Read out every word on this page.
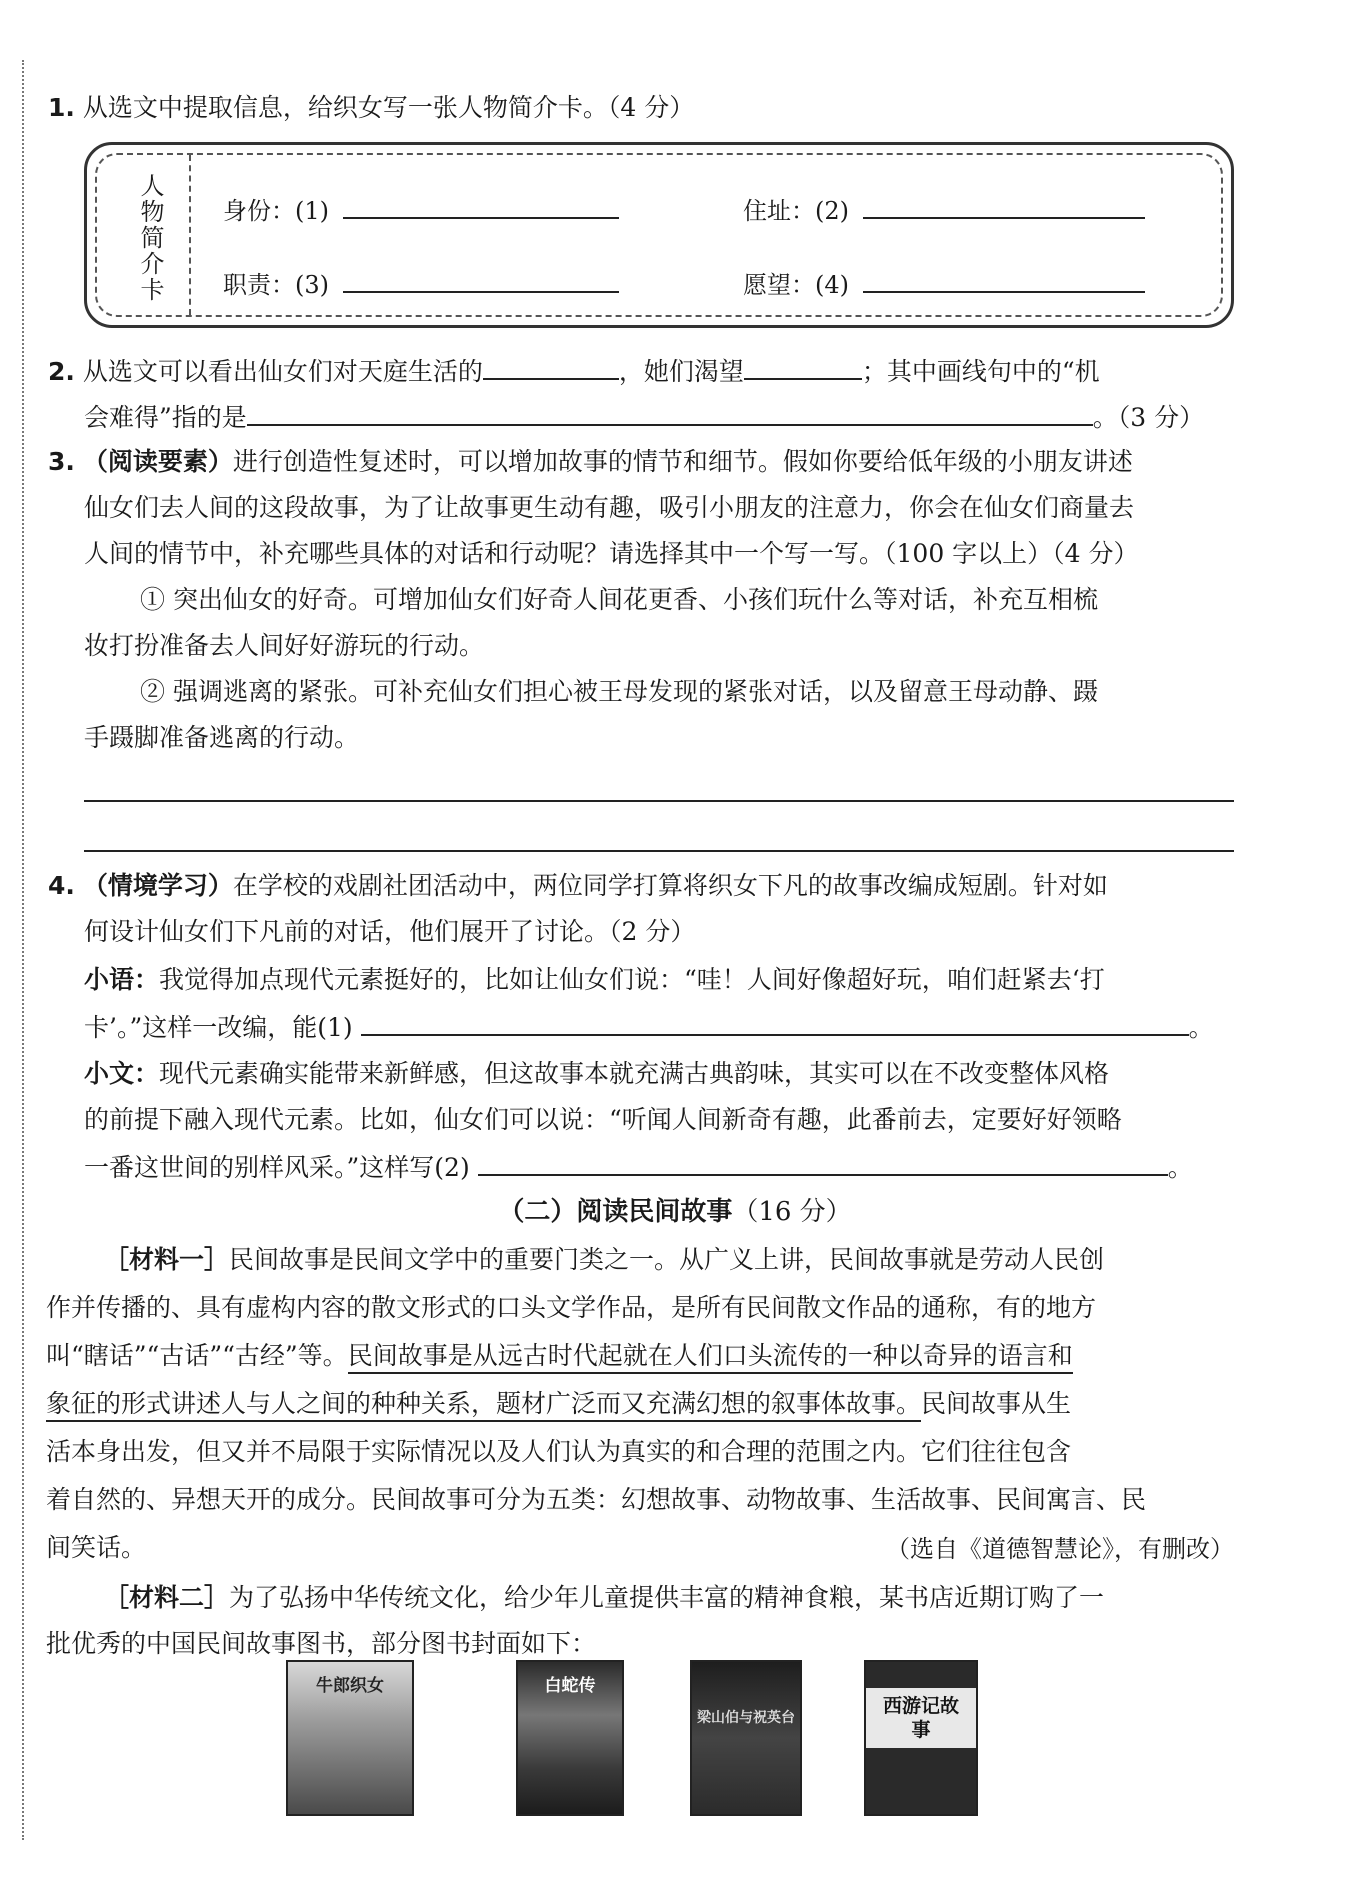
1. 从选文中提取信息，给织女写一张人物简介卡。（4 分）
人物简介卡 身份：(1)	住址：(2)
职责：(3)	愿望：(4)
2. 从选文可以看出仙女们对天庭生活的	，她们渴望	；其中画线句中的“机
会难得”指的是	。（3 分）
3. （阅读要素）进行创造性复述时，可以增加故事的情节和细节。假如你要给低年级的小朋友讲述
仙女们去人间的这段故事，为了让故事更生动有趣，吸引小朋友的注意力，你会在仙女们商量去
人间的情节中，补充哪些具体的对话和行动呢？请选择其中一个写一写。（100 字以上）（4 分）
① 突出仙女的好奇。可增加仙女们好奇人间花更香、小孩们玩什么等对话，补充互相梳
妆打扮准备去人间好好游玩的行动。
② 强调逃离的紧张。可补充仙女们担心被王母发现的紧张对话，以及留意王母动静、蹑
手蹑脚准备逃离的行动。
4. （情境学习）在学校的戏剧社团活动中，两位同学打算将织女下凡的故事改编成短剧。针对如
何设计仙女们下凡前的对话，他们展开了讨论。（2 分）
小语：我觉得加点现代元素挺好的，比如让仙女们说：“哇！人间好像超好玩，咱们赶紧去‘打
卡’。”这样一改编，能(1)	。
小文：现代元素确实能带来新鲜感，但这故事本就充满古典韵味，其实可以在不改变整体风格
的前提下融入现代元素。比如，仙女们可以说：“听闻人间新奇有趣，此番前去，定要好好领略
一番这世间的别样风采。”这样写(2)	。
（二）阅读民间故事（16 分）
［材料一］民间故事是民间文学中的重要门类之一。从广义上讲，民间故事就是劳动人民创
作并传播的、具有虚构内容的散文形式的口头文学作品，是所有民间散文作品的通称，有的地方
叫“瞎话”“古话”“古经”等。民间故事是从远古时代起就在人们口头流传的一种以奇异的语言和
象征的形式讲述人与人之间的种种关系，题材广泛而又充满幻想的叙事体故事。民间故事从生
活本身出发，但又并不局限于实际情况以及人们认为真实的和合理的范围之内。它们往往包含
着自然的、异想天开的成分。民间故事可分为五类：幻想故事、动物故事、生活故事、民间寓言、民
间笑话。	（选自《道德智慧论》，有删改）
［材料二］为了弘扬中华传统文化，给少年儿童提供丰富的精神食粮，某书店近期订购了一
批优秀的中国民间故事图书，部分图书封面如下：
牛郎织女	白蛇传
梁山伯与祝英台
西游记故事
